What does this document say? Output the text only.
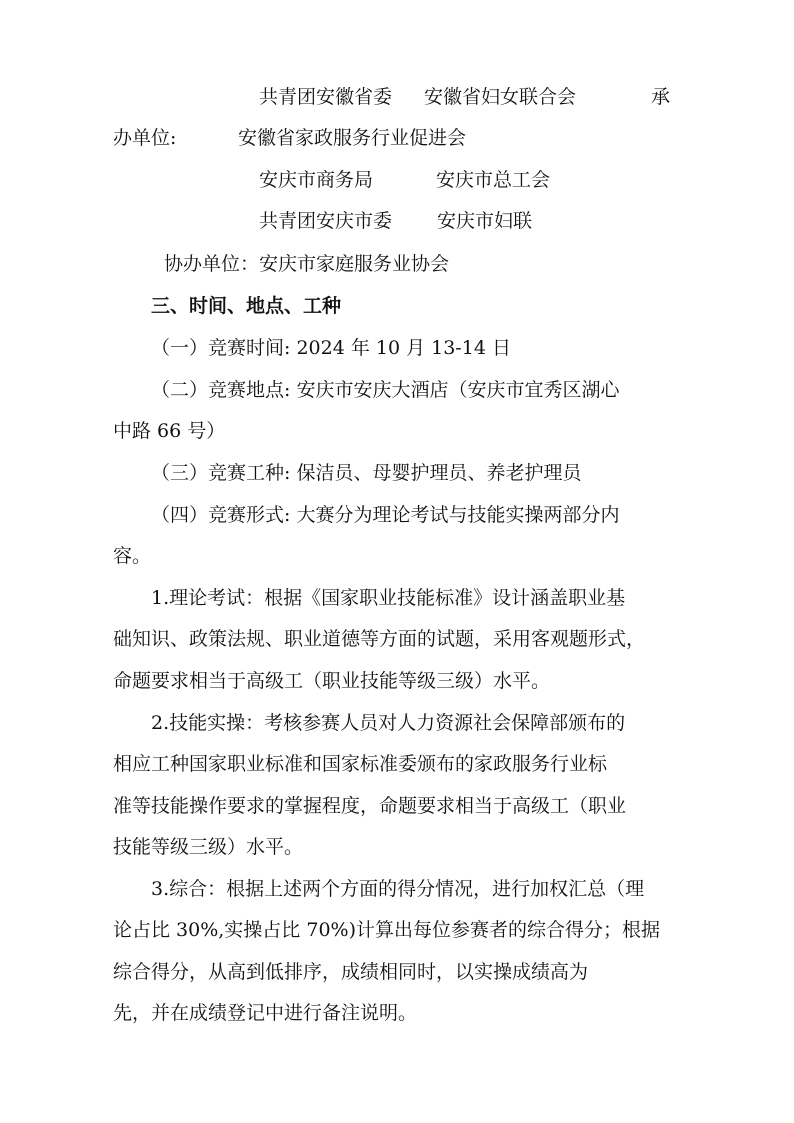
共青团安徽省委 安徽省妇女联合会	承
办单位:	安徽省家政服务行业促进会
安庆市商务局	安庆市总工会
共青团安庆市委 安庆市妇联
协办单位：安庆市家庭服务业协会
三、时间、地点、工种
（一）竞赛时间: 2024 年 10 月 13-14 日
（二）竞赛地点: 安庆市安庆大酒店（安庆市宜秀区湖心
中路 66 号）
（三）竞赛工种: 保洁员、母婴护理员、养老护理员
（四）竞赛形式: 大赛分为理论考试与技能实操两部分内
容。
1.理论考试：根据《国家职业技能标准》设计涵盖职业基
础知识、政策法规、职业道德等方面的试题，采用客观题形式，
命题要求相当于高级工（职业技能等级三级）水平。
2.技能实操：考核参赛人员对人力资源社会保障部颁布的
相应工种国家职业标准和国家标准委颁布的家政服务行业标
准等技能操作要求的掌握程度，命题要求相当于高级工（职业
技能等级三级）水平。
3.综合：根据上述两个方面的得分情况，进行加权汇总（理
论占比 30%,实操占比 70%)计算出每位参赛者的综合得分；根据
综合得分，从高到低排序，成绩相同时，以实操成绩高为
先，并在成绩登记中进行备注说明。
